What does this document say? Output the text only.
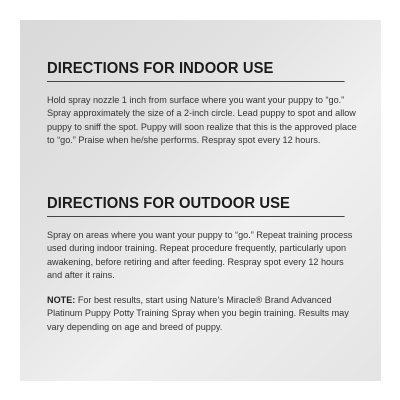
DIRECTIONS FOR INDOOR USE

Hold spray nozzle 1 inch from surface where you want your puppy to “go.” Spray approximately the size of a 2-inch circle. Lead puppy to spot and allow puppy to sniff the spot. Puppy will soon realize that this is the approved place to “go.” Praise when he/she performs. Respray spot every 12 hours.

DIRECTIONS FOR OUTDOOR USE

Spray on areas where you want your puppy to “go.” Repeat training process used during indoor training. Repeat procedure frequently, particularly upon awakening, before retiring and after feeding. Respray spot every 12 hours and after it rains.

NOTE: For best results, start using Nature’s Miracle® Brand Advanced Platinum Puppy Potty Training Spray when you begin training. Results may vary depending on age and breed of puppy.
